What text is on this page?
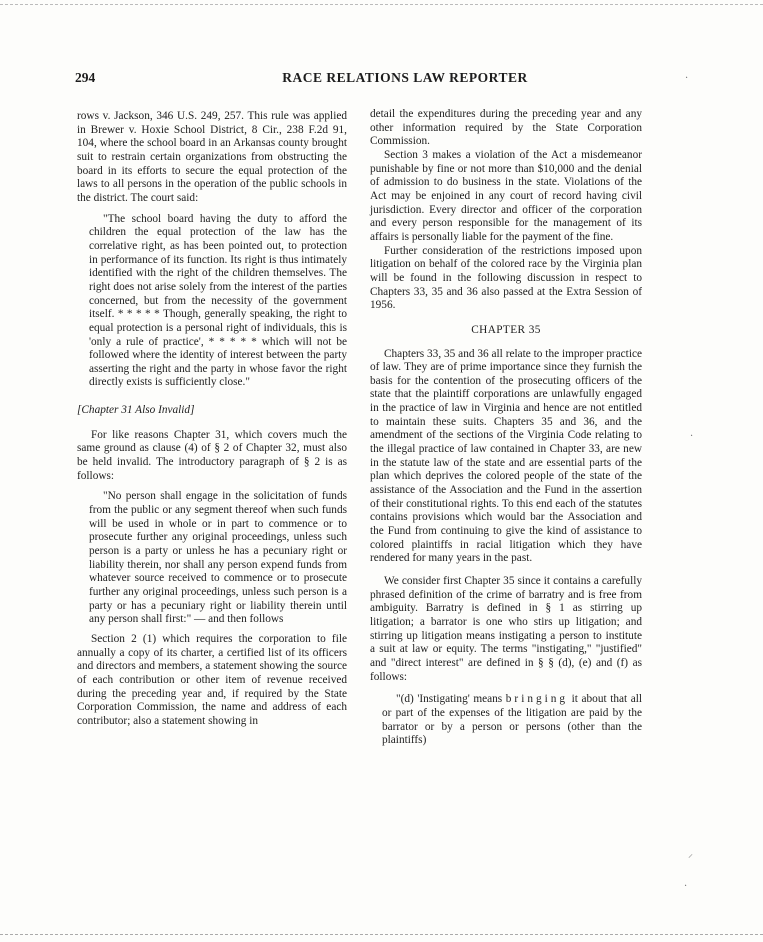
294	RACE RELATIONS LAW REPORTER

rows v. Jackson, 346 U.S. 249, 257. This rule was applied in Brewer v. Hoxie School District, 8 Cir., 238 F.2d 91, 104, where the school board in an Arkansas county brought suit to restrain certain organizations from obstructing the board in its efforts to secure the equal protection of the laws to all persons in the operation of the public schools in the district. The court said:

"The school board having the duty to afford the children the equal protection of the law has the correlative right, as has been pointed out, to protection in performance of its function. Its right is thus intimately identified with the right of the children themselves. The right does not arise solely from the interest of the parties concerned, but from the necessity of the government itself. * * * * * Though, generally speaking, the right to equal protection is a personal right of individuals, this is 'only a rule of practice', * * * * * which will not be followed where the identity of interest between the party asserting the right and the party in whose favor the right directly exists is sufficiently close."

[Chapter 31 Also Invalid]

For like reasons Chapter 31, which covers much the same ground as clause (4) of § 2 of Chapter 32, must also be held invalid. The introductory paragraph of § 2 is as follows:

"No person shall engage in the solicitation of funds from the public or any segment thereof when such funds will be used in whole or in part to commence or to prosecute further any original proceedings, unless such person is a party or unless he has a pecuniary right or liability therein, nor shall any person expend funds from whatever source received to commence or to prosecute further any original proceedings, unless such person is a party or has a pecuniary right or liability therein until any person shall first:" — and then follows

Section 2 (1) which requires the corporation to file annually a copy of its charter, a certified list of its officers and directors and members, a statement showing the source of each contribution or other item of revenue received during the preceding year and, if required by the State Corporation Commission, the name and address of each contributor; also a statement showing in

detail the expenditures during the preceding year and any other information required by the State Corporation Commission.

Section 3 makes a violation of the Act a misdemeanor punishable by fine or not more than $10,000 and the denial of admission to do business in the state. Violations of the Act may be enjoined in any court of record having civil jurisdiction. Every director and officer of the corporation and every person responsible for the management of its affairs is personally liable for the payment of the fine.

Further consideration of the restrictions imposed upon litigation on behalf of the colored race by the Virginia plan will be found in the following discussion in respect to Chapters 33, 35 and 36 also passed at the Extra Session of 1956.

CHAPTER 35

Chapters 33, 35 and 36 all relate to the improper practice of law. They are of prime importance since they furnish the basis for the contention of the prosecuting officers of the state that the plaintiff corporations are unlawfully engaged in the practice of law in Virginia and hence are not entitled to maintain these suits. Chapters 35 and 36, and the amendment of the sections of the Virginia Code relating to the illegal practice of law contained in Chapter 33, are new in the statute law of the state and are essential parts of the plan which deprives the colored people of the state of the assistance of the Association and the Fund in the assertion of their constitutional rights. To this end each of the statutes contains provisions which would bar the Association and the Fund from continuing to give the kind of assistance to colored plaintiffs in racial litigation which they have rendered for many years in the past.

We consider first Chapter 35 since it contains a carefully phrased definition of the crime of barratry and is free from ambiguity. Barratry is defined in § 1 as stirring up litigation; a barrator is one who stirs up litigation; and stirring up litigation means instigating a person to institute a suit at law or equity. The terms "instigating," "justified" and "direct interest" are defined in § § (d), (e) and (f) as follows:

"(d) 'Instigating' means bringing it about that all or part of the expenses of the litigation are paid by the barrator or by a person or persons (other than the plaintiffs)

·
·
⸝
·
